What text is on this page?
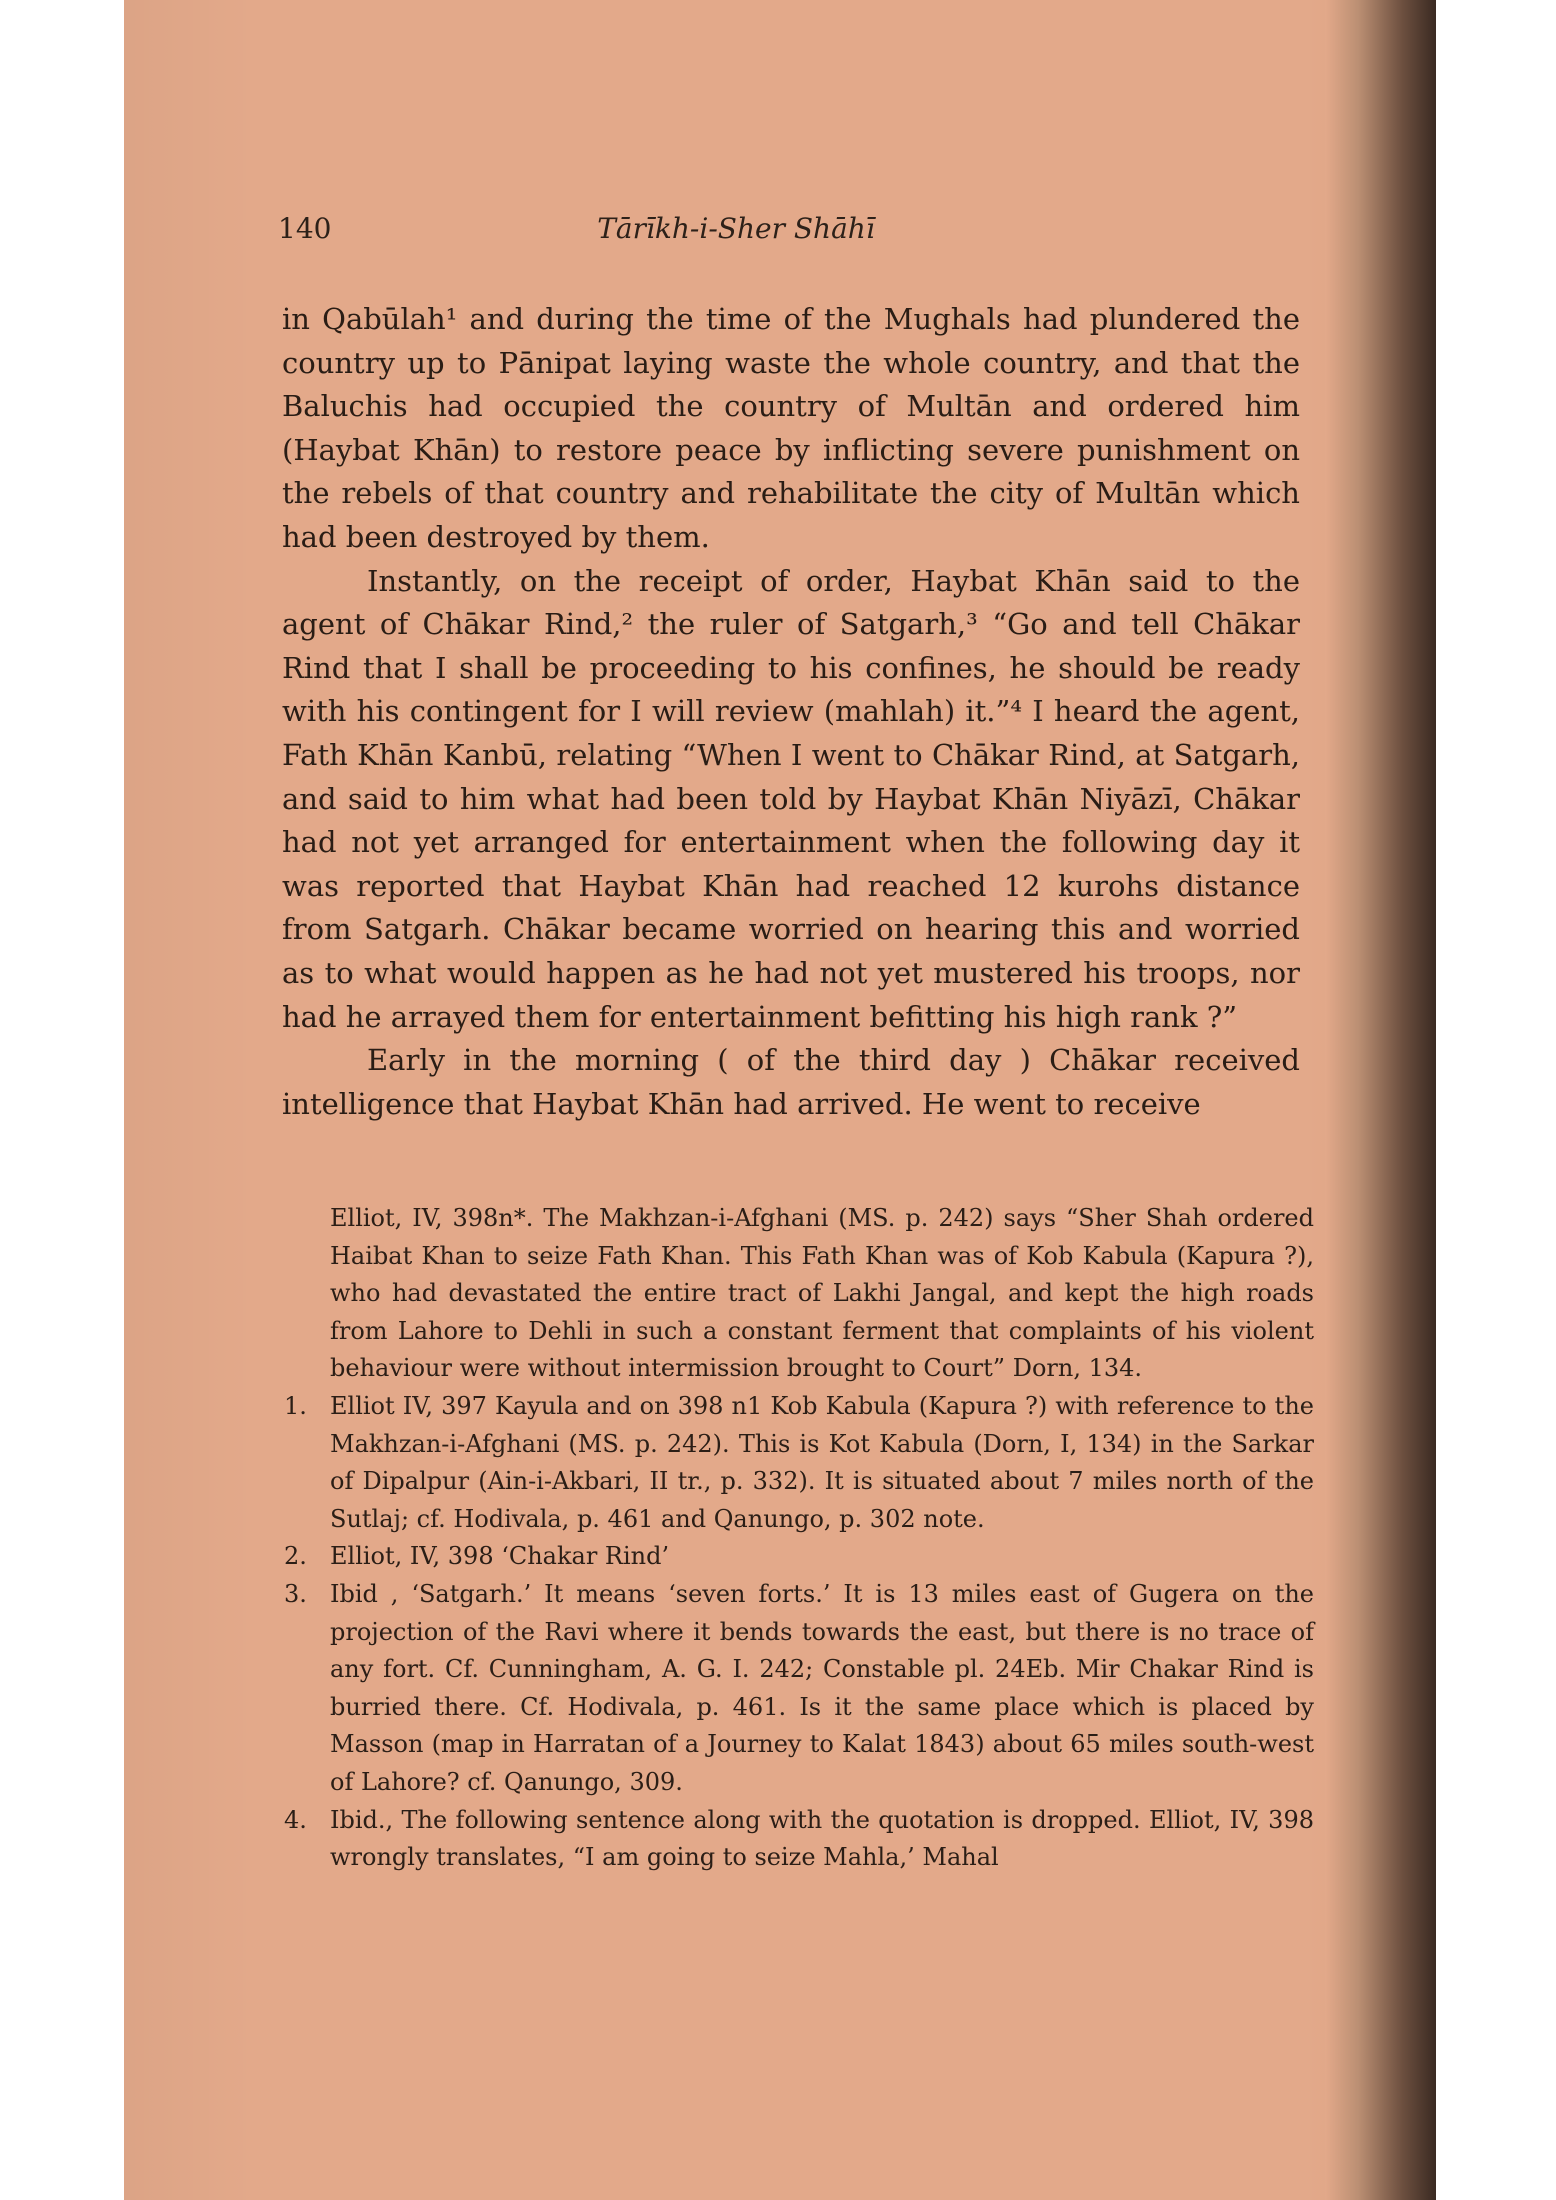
140	Tārīkh-i-Sher Shāhī

in Qabūlah¹ and during the time of the Mughals had plundered the country up to Pānipat laying waste the whole country, and that the Baluchis had occupied the country of Multān and ordered him (Haybat Khān) to restore peace by inflicting severe punishment on the rebels of that country and rehabilitate the city of Multān which had been destroyed by them.

Instantly, on the receipt of order, Haybat Khān said to the agent of Chākar Rind,² the ruler of Satgarh,³ “Go and tell Chākar Rind that I shall be proceeding to his confines, he should be ready with his contingent for I will review (mahlah) it.”⁴ I heard the agent, Fath Khān Kanbū, relating “When I went to Chākar Rind, at Satgarh, and said to him what had been told by Haybat Khān Niyāzī, Chākar had not yet arranged for entertainment when the following day it was reported that Haybat Khān had reached 12 kurohs distance from Satgarh. Chākar became worried on hearing this and worried as to what would happen as he had not yet mustered his troops, nor had he arrayed them for entertainment befitting his high rank ?”

Early in the morning ( of the third day ) Chākar received intelligence that Haybat Khān had arrived. He went to receive

Elliot, IV, 398n*. The Makhzan-i-Afghani (MS. p. 242) says “Sher Shah ordered Haibat Khan to seize Fath Khan. This Fath Khan was of Kob Kabula (Kapura ?), who had devastated the entire tract of Lakhi Jangal, and kept the high roads from Lahore to Dehli in such a constant ferment that complaints of his violent behaviour were without intermission brought to Court” Dorn, 134.

1. Elliot IV, 397 Kayula and on 398 n1 Kob Kabula (Kapura ?) with reference to the Makhzan-i-Afghani (MS. p. 242). This is Kot Kabula (Dorn, I, 134) in the Sarkar of Dipalpur (Ain-i-Akbari, II tr., p. 332). It is situated about 7 miles north of the Sutlaj; cf. Hodivala, p. 461 and Qanungo, p. 302 note.
2. Elliot, IV, 398 ‘Chakar Rind’
3. Ibid , ‘Satgarh.’ It means ‘seven forts.’ It is 13 miles east of Gugera on the projection of the Ravi where it bends towards the east, but there is no trace of any fort. Cf. Cunningham, A. G. I. 242; Constable pl. 24Eb. Mir Chakar Rind is burried there. Cf. Hodivala, p. 461. Is it the same place which is placed by Masson (map in Harratan of a Journey to Kalat 1843) about 65 miles south-west of Lahore? cf. Qanungo, 309.
4. Ibid., The following sentence along with the quotation is dropped. Elliot, IV, 398 wrongly translates, “I am going to seize Mahla,’ Mahal
